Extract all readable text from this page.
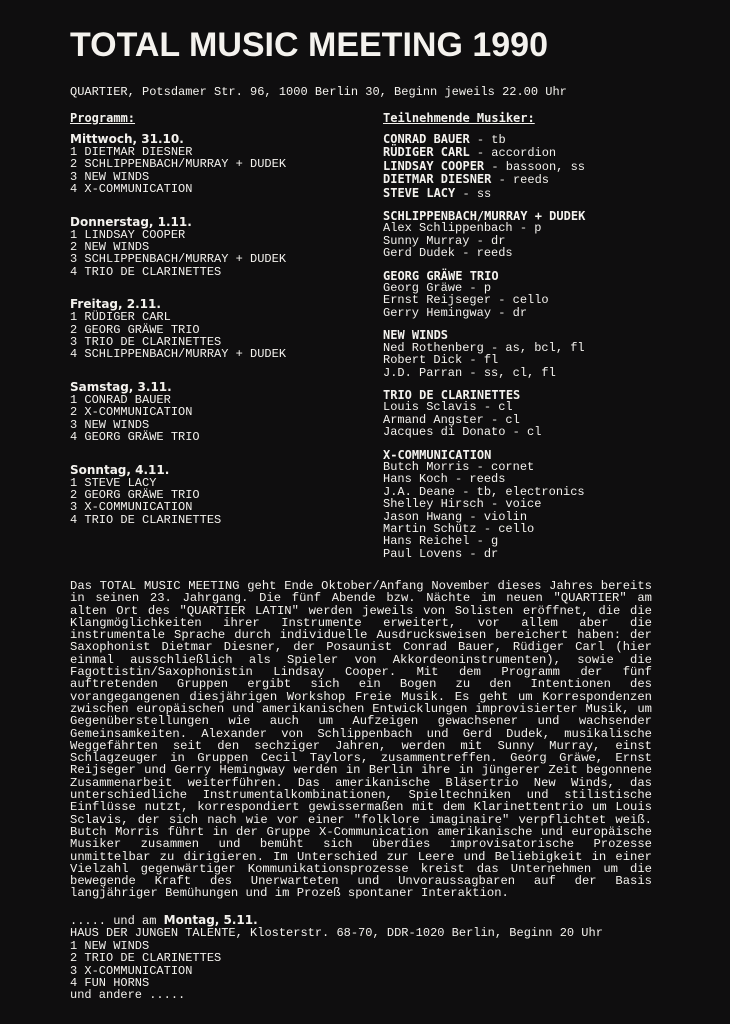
TOTAL MUSIC MEETING 1990
QUARTIER, Potsdamer Str. 96, 1000 Berlin 30, Beginn jeweils 22.00 Uhr
Programm:	Teilnehmende Musiker:
Mittwoch, 31.10.
1 DIETMAR DIESNER
2 SCHLIPPENBACH/MURRAY + DUDEK
3 NEW WINDS
4 X-COMMUNICATION
Donnerstag, 1.11.
1 LINDSAY COOPER
2 NEW WINDS
3 SCHLIPPENBACH/MURRAY + DUDEK
4 TRIO DE CLARINETTES
Freitag, 2.11.
1 RÜDIGER CARL
2 GEORG GRÄWE TRIO
3 TRIO DE CLARINETTES
4 SCHLIPPENBACH/MURRAY + DUDEK
Samstag, 3.11.
1 CONRAD BAUER
2 X-COMMUNICATION
3 NEW WINDS
4 GEORG GRÄWE TRIO
Sonntag, 4.11.
1 STEVE LACY
2 GEORG GRÄWE TRIO
3 X-COMMUNICATION
4 TRIO DE CLARINETTES
CONRAD BAUER - tb
RÜDIGER CARL - accordion
LINDSAY COOPER - bassoon, ss
DIETMAR DIESNER - reeds
STEVE LACY - ss
SCHLIPPENBACH/MURRAY + DUDEK
Alex Schlippenbach - p
Sunny Murray - dr
Gerd Dudek - reeds
GEORG GRÄWE TRIO
Georg Gräwe - p
Ernst Reijseger - cello
Gerry Hemingway - dr
NEW WINDS
Ned Rothenberg - as, bcl, fl
Robert Dick - fl
J.D. Parran - ss, cl, fl
TRIO DE CLARINETTES
Louis Sclavis - cl
Armand Angster - cl
Jacques di Donato - cl
X-COMMUNICATION
Butch Morris - cornet
Hans Koch - reeds
J.A. Deane - tb, electronics
Shelley Hirsch - voice
Jason Hwang - violin
Martin Schütz - cello
Hans Reichel - g
Paul Lovens - dr

Das TOTAL MUSIC MEETING geht Ende Oktober/Anfang November dieses Jahres bereits in seinen 23. Jahrgang. Die fünf Abende bzw. Nächte im neuen "QUARTIER" am alten Ort des "QUARTIER LATIN" werden jeweils von Solisten eröffnet, die die Klangmöglichkeiten ihrer Instrumente erweitert, vor allem aber die instrumentale Sprache durch individuelle Ausdrucksweisen bereichert haben: der Saxophonist Dietmar Diesner, der Posaunist Conrad Bauer, Rüdiger Carl (hier einmal ausschließlich als Spieler von Akkordeoninstrumenten), sowie die Fagottistin/Saxophonistin Lindsay Cooper. Mit dem Programm der fünf auftretenden Gruppen ergibt sich ein Bogen zu den Intentionen des vorangegangenen diesjährigen Workshop Freie Musik. Es geht um Korrespondenzen zwischen europäischen und amerikanischen Entwicklungen improvisierter Musik, um Gegenüberstellungen wie auch um Aufzeigen gewachsener und wachsender Gemeinsamkeiten. Alexander von Schlippenbach und Gerd Dudek, musikalische Weggefährten seit den sechziger Jahren, werden mit Sunny Murray, einst Schlagzeuger in Gruppen Cecil Taylors, zusammentreffen. Georg Gräwe, Ernst Reijseger und Gerry Hemingway werden in Berlin ihre in jüngerer Zeit begonnene Zusammenarbeit weiterführen. Das amerikanische Bläsertrio New Winds, das unterschiedliche Instrumentalkombinationen, Spieltechniken und stilistische Einflüsse nutzt, korrespondiert gewissermaßen mit dem Klarinettentrio um Louis Sclavis, der sich nach wie vor einer "folklore imaginaire" verpflichtet weiß. Butch Morris führt in der Gruppe X-Communication amerikanische und europäische Musiker zusammen und bemüht sich überdies improvisatorische Prozesse unmittelbar zu dirigieren. Im Unterschied zur Leere und Beliebigkeit in einer Vielzahl gegenwärtiger Kommunikationsprozesse kreist das Unternehmen um die bewegende Kraft des Unerwarteten und Unvoraussagbaren auf der Basis langjähriger Bemühungen und im Prozeß spontaner Interaktion.

..... und am Montag, 5.11.
HAUS DER JUNGEN TALENTE, Klosterstr. 68-70, DDR-1020 Berlin, Beginn 20 Uhr
1 NEW WINDS
2 TRIO DE CLARINETTES
3 X-COMMUNICATION
4 FUN HORNS
und andere .....
